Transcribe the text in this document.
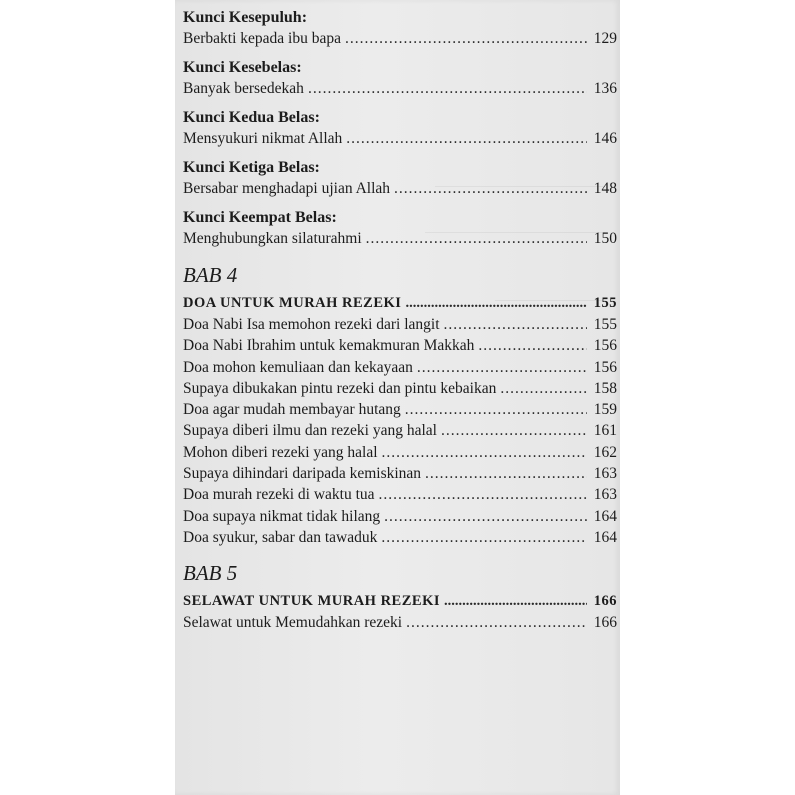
Kunci Kesepuluh:

Berbakti kepada ibu bapa .....	129

Kunci Kesebelas:

Banyak bersedekah .....	136

Kunci Kedua Belas:

Mensyukuri nikmat Allah .....	146

Kunci Ketiga Belas:

Bersabar menghadapi ujian Allah .....	148

Kunci Keempat Belas:

Menghubungkan silaturahmi .....	150
BAB 4
DOA UNTUK MURAH REZEKI .....	155
Doa Nabi Isa memohon rezeki dari langit .....	155
Doa Nabi Ibrahim untuk kemakmuran Makkah .....	156
Doa mohon kemuliaan dan kekayaan .....	156
Supaya dibukakan pintu rezeki dan pintu kebaikan .....	158
Doa agar mudah membayar hutang .....	159
Supaya diberi ilmu dan rezeki yang halal .....	161
Mohon diberi rezeki yang halal .....	162
Supaya dihindari daripada kemiskinan .....	163
Doa murah rezeki di waktu tua .....	163
Doa supaya nikmat tidak hilang .....	164
Doa syukur, sabar dan tawaduk .....	164
BAB 5
SELAWAT UNTUK MURAH REZEKI .....	166
Selawat untuk Memudahkan rezeki .....	166
